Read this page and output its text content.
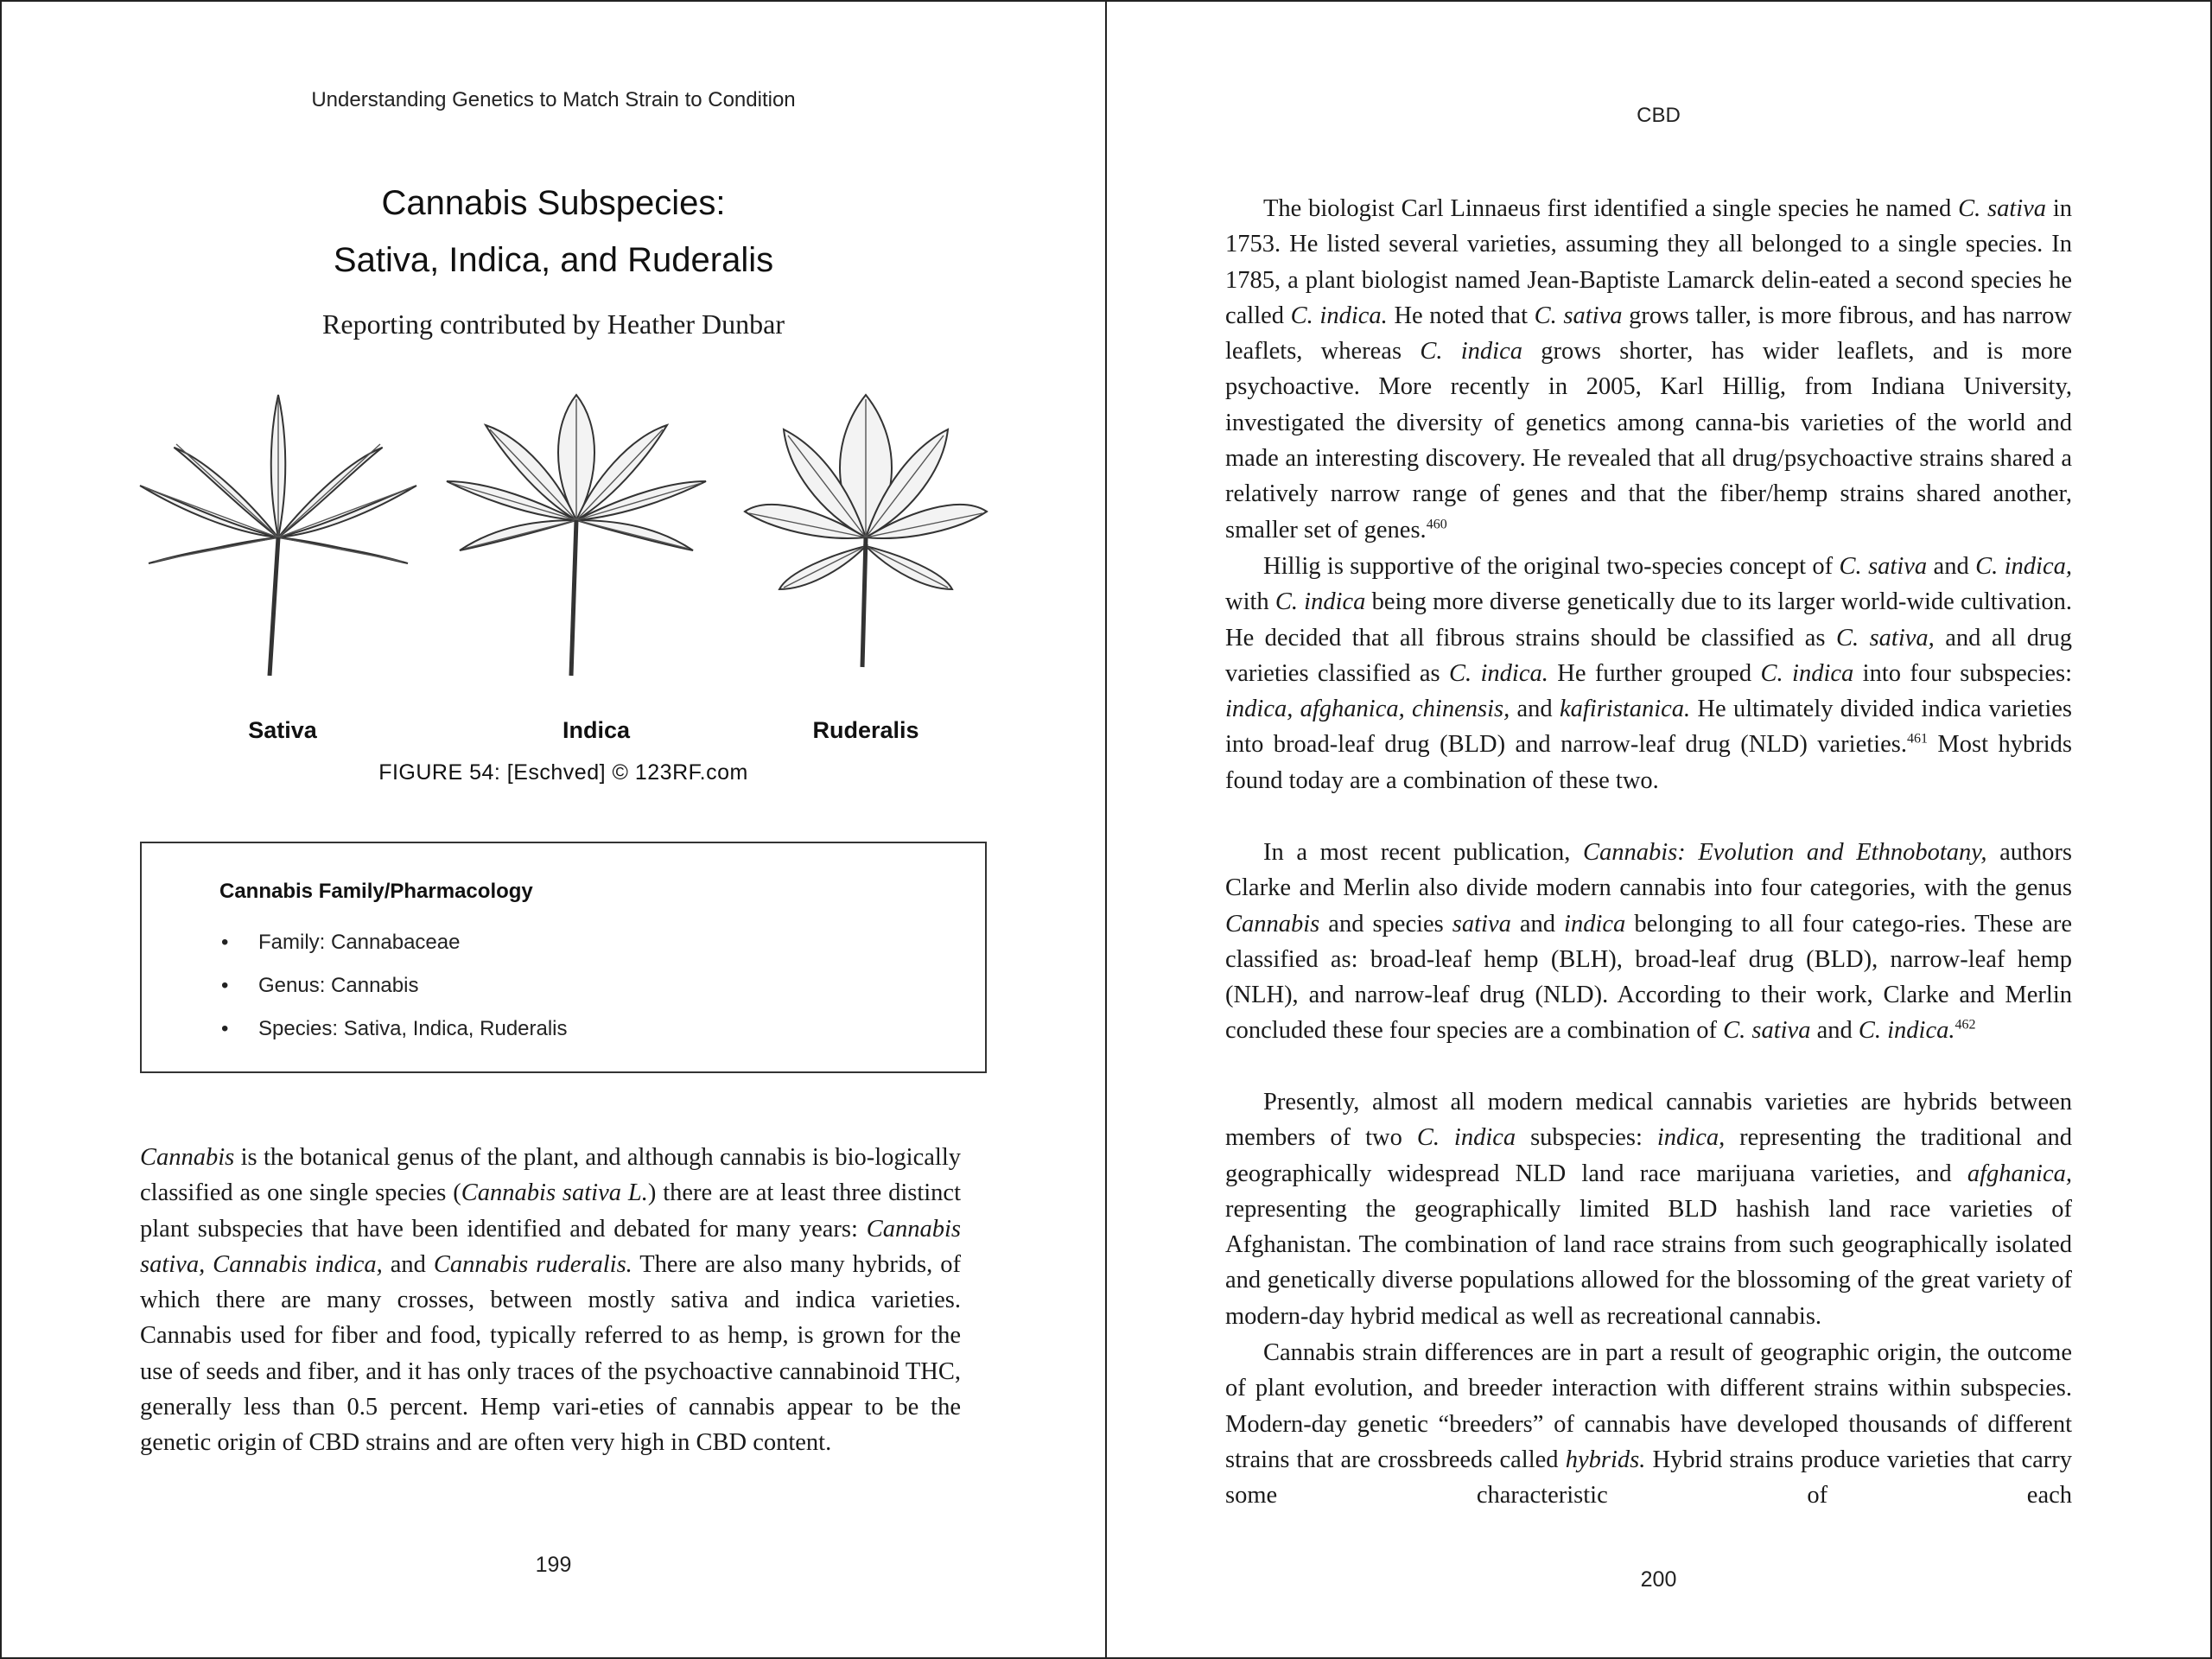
Understanding Genetics to Match Strain to Condition
Cannabis Subspecies:
Sativa, Indica, and Ruderalis
Reporting contributed by Heather Dunbar
Sativa	Indica	Ruderalis
FIGURE 54: [Eschved] © 123RF.com
Cannabis Family/Pharmacology
• Family: Cannabaceae
• Genus: Cannabis
• Species: Sativa, Indica, Ruderalis

Cannabis is the botanical genus of the plant, and although cannabis is bio-logically classified as one single species (Cannabis sativa L.) there are at least three distinct plant subspecies that have been identified and debated for many years: Cannabis sativa, Cannabis indica, and Cannabis ruderalis. There are also many hybrids, of which there are many crosses, between mostly sativa and indica varieties. Cannabis used for fiber and food, typically referred to as hemp, is grown for the use of seeds and fiber, and it has only traces of the psychoactive cannabinoid THC, generally less than 0.5 percent. Hemp vari-eties of cannabis appear to be the genetic origin of CBD strains and are often very high in CBD content.

199
CBD

The biologist Carl Linnaeus first identified a single species he named C. sativa in 1753. He listed several varieties, assuming they all belonged to a single species. In 1785, a plant biologist named Jean-Baptiste Lamarck delin-eated a second species he called C. indica. He noted that C. sativa grows taller, is more fibrous, and has narrow leaflets, whereas C. indica grows shorter, has wider leaflets, and is more psychoactive. More recently in 2005, Karl Hillig, from Indiana University, investigated the diversity of genetics among canna-bis varieties of the world and made an interesting discovery. He revealed that all drug/psychoactive strains shared a relatively narrow range of genes and that the fiber/hemp strains shared another, smaller set of genes.$^{460}$

Hillig is supportive of the original two-species concept of C. sativa and C. indica, with C. indica being more diverse genetically due to its larger world-wide cultivation. He decided that all fibrous strains should be classified as C. sativa, and all drug varieties classified as C. indica. He further grouped C. indica into four subspecies: indica, afghanica, chinensis, and kafiristanica. He ultimately divided indica varieties into broad-leaf drug (BLD) and narrow-leaf drug (NLD) varieties.$^{461}$ Most hybrids found today are a combination of these two.

In a most recent publication, Cannabis: Evolution and Ethnobotany, authors Clarke and Merlin also divide modern cannabis into four categories, with the genus Cannabis and species sativa and indica belonging to all four catego-ries. These are classified as: broad-leaf hemp (BLH), broad-leaf drug (BLD), narrow-leaf hemp (NLH), and narrow-leaf drug (NLD). According to their work, Clarke and Merlin concluded these four species are a combination of C. sativa and C. indica.$^{462}$

Presently, almost all modern medical cannabis varieties are hybrids between members of two C. indica subspecies: indica, representing the traditional and geographically widespread NLD land race marijuana varieties, and afghanica, representing the geographically limited BLD hashish land race varieties of Afghanistan. The combination of land race strains from such geographically isolated and genetically diverse populations allowed for the blossoming of the great variety of modern-day hybrid medical as well as recreational cannabis.

Cannabis strain differences are in part a result of geographic origin, the outcome of plant evolution, and breeder interaction with different strains within subspecies. Modern-day genetic “breeders” of cannabis have developed thousands of different strains that are crossbreeds called hybrids. Hybrid strains produce varieties that carry some characteristic of each

200
